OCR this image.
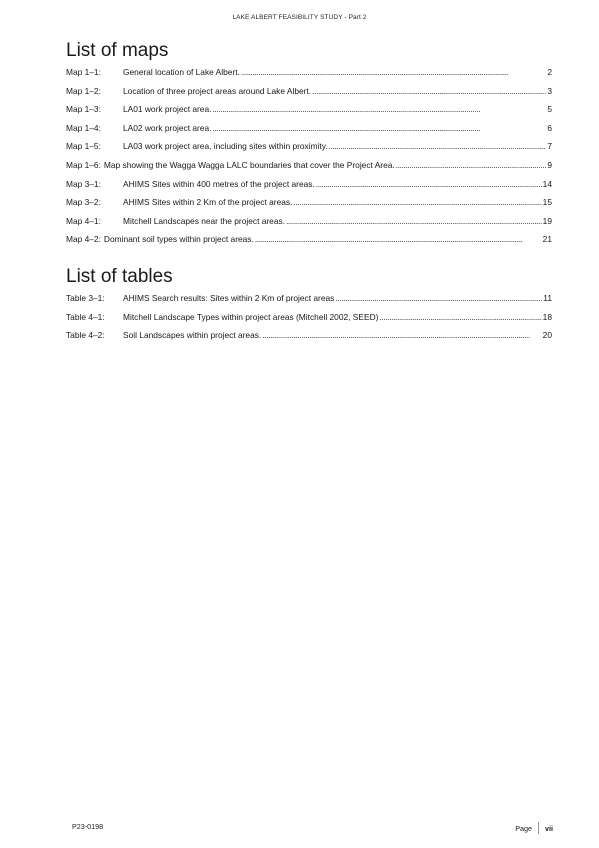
LAKE ALBERT FEASIBILITY STUDY - Part 2
List of maps
Map 1–1:	General location of Lake Albert. . . .	2
Map 1–2:	Location of three project areas around Lake Albert. . . .	3
Map 1–3:	LA01 work project area. . . .	5
Map 1–4:	LA02 work project area. . . .	6
Map 1–5:	LA03 work project area, including sites within proximity. . . .	7
Map 1–6: Map showing the Wagga Wagga LALC boundaries that cover the Project Area. . . .	9
Map 3–1:	AHIMS Sites within 400 metres of the project areas. . . .	14
Map 3–2:	AHIMS Sites within 2 Km of the project areas. . . .	15
Map 4–1:	Mitchell Landscapes near the project areas. . . .	19
Map 4–2: Dominant soil types within project areas. . . .	21
List of tables
Table 3–1:	AHIMS Search results: Sites within 2 Km of project areas . . .	11
Table 4–1:	Mitchell Landscape Types within project areas (Mitchell 2002, SEED) . . .	18
Table 4–2:	Soil Landscapes within project areas. . . .	20
P23-0198	Page vii
